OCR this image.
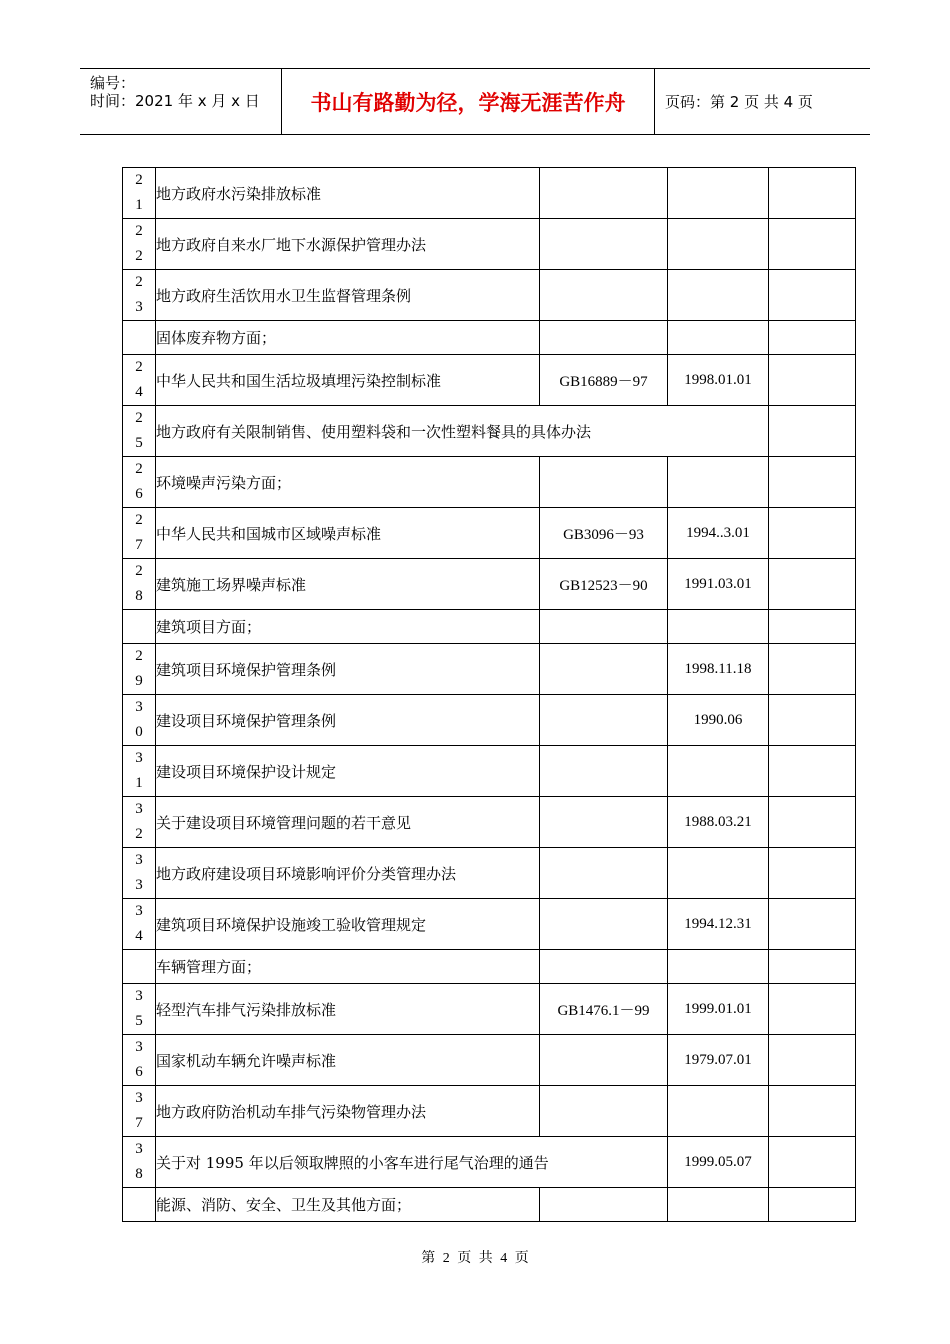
编号：
时间：2021 年 x 月 x 日	书山有路勤为径，学海无涯苦作舟	页码：第 2 页 共 4 页
21	地方政府水污染排放标准			
22	地方政府自来水厂地下水源保护管理办法			
23	地方政府生活饮用水卫生监督管理条例			
	固体废弃物方面；			
24	中华人民共和国生活垃圾填埋污染控制标准	GB16889－97	1998.01.01	
25	地方政府有关限制销售、使用塑料袋和一次性塑料餐具的具体办法			
26	环境噪声污染方面；			
27	中华人民共和国城市区域噪声标准	GB3096－93	1994..3.01	
28	建筑施工场界噪声标准	GB12523－90	1991.03.01	
	建筑项目方面；			
29	建筑项目环境保护管理条例		1998.11.18	
30	建设项目环境保护管理条例		1990.06	
31	建设项目环境保护设计规定			
32	关于建设项目环境管理问题的若干意见		1988.03.21	
33	地方政府建设项目环境影响评价分类管理办法			
34	建筑项目环境保护设施竣工验收管理规定		1994.12.31	
	车辆管理方面；			
35	轻型汽车排气污染排放标准	GB1476.1－99	1999.01.01	
36	国家机动车辆允许噪声标准		1979.07.01	
37	地方政府防治机动车排气污染物管理办法			
38	关于对 1995 年以后领取牌照的小客车进行尾气治理的通告		1999.05.07	
	能源、消防、安全、卫生及其他方面；			
第 2 页 共 4 页
